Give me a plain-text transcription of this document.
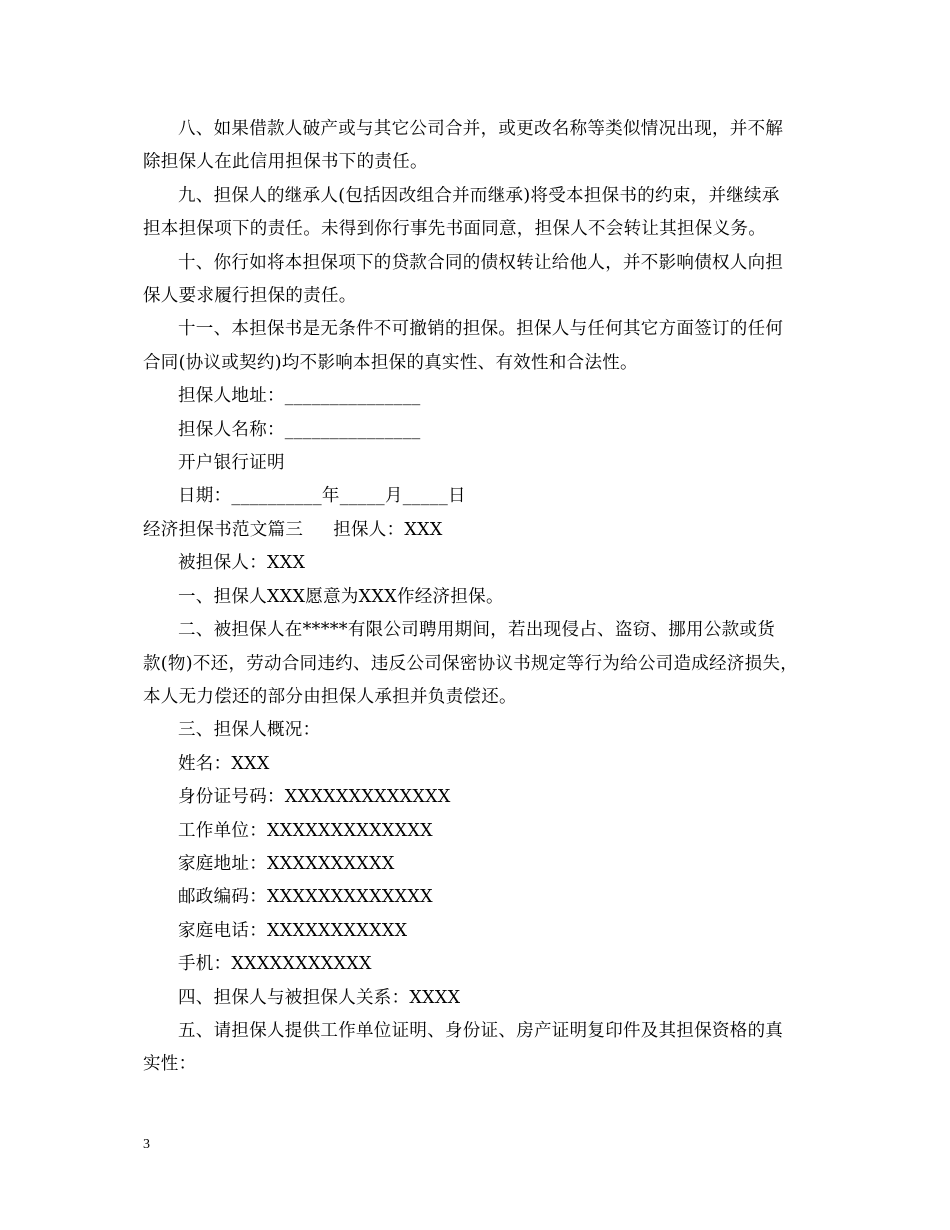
八、如果借款人破产或与其它公司合并，或更改名称等类似情况出现，并不解
除担保人在此信用担保书下的责任。
九、担保人的继承人(包括因改组合并而继承)将受本担保书的约束，并继续承
担本担保项下的责任。未得到你行事先书面同意，担保人不会转让其担保义务。
十、你行如将本担保项下的贷款合同的债权转让给他人，并不影响债权人向担
保人要求履行担保的责任。
十一、本担保书是无条件不可撤销的担保。担保人与任何其它方面签订的任何
合同(协议或契约)均不影响本担保的真实性、有效性和合法性。
担保人地址：_______________
担保人名称：_______________
开户银行证明
日期：__________年_____月_____日
经济担保书范文篇三 担保人：XXX
被担保人：XXX
一、担保人XXX愿意为XXX作经济担保。
二、被担保人在*****有限公司聘用期间，若出现侵占、盗窃、挪用公款或货
款(物)不还，劳动合同违约、违反公司保密协议书规定等行为给公司造成经济损失，
本人无力偿还的部分由担保人承担并负责偿还。
三、担保人概况：
姓名：XXX
身份证号码：XXXXXXXXXXXXX
工作单位：XXXXXXXXXXXXX
家庭地址：XXXXXXXXXX
邮政编码：XXXXXXXXXXXXX
家庭电话：XXXXXXXXXXX
手机：XXXXXXXXXXX
四、担保人与被担保人关系：XXXX
五、请担保人提供工作单位证明、身份证、房产证明复印件及其担保资格的真
实性：
3
